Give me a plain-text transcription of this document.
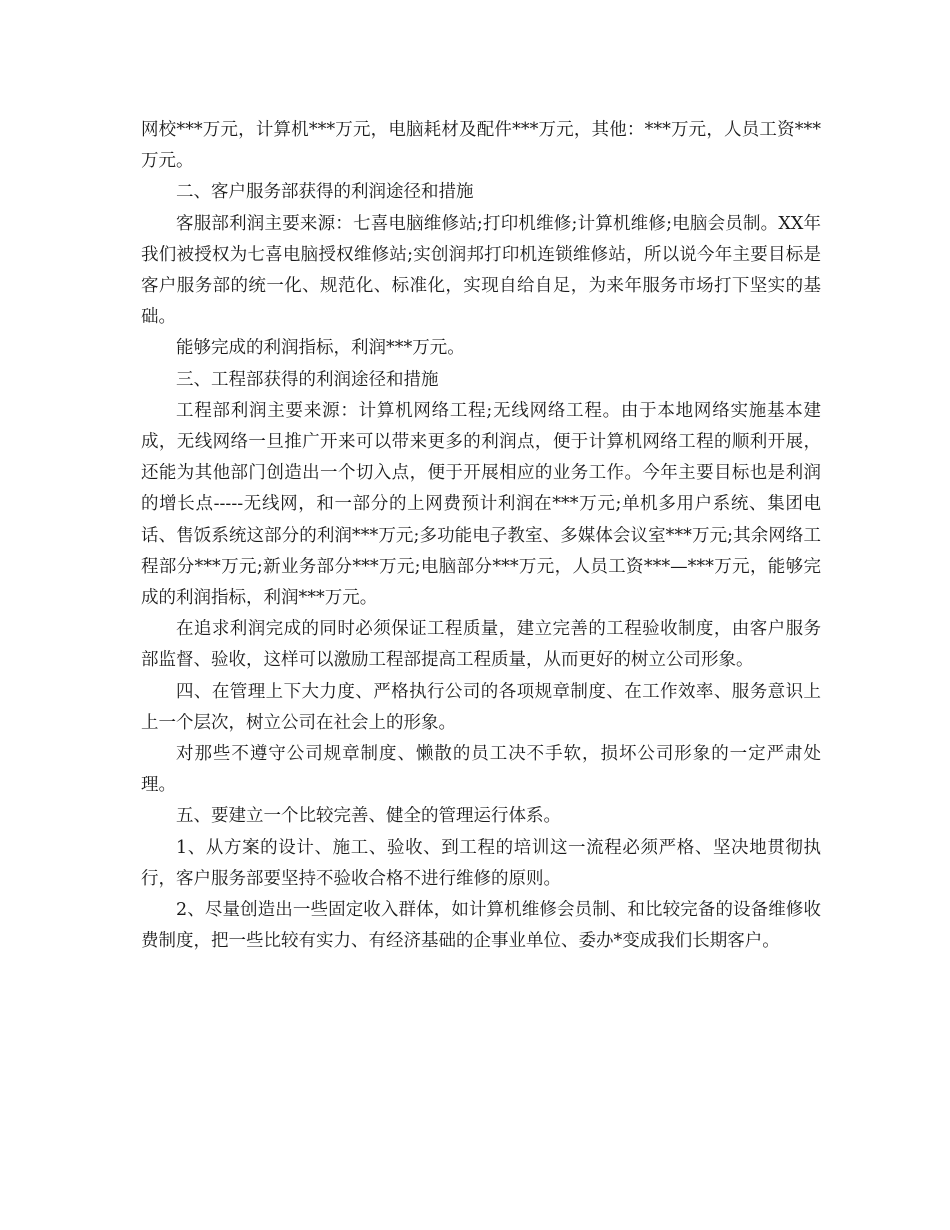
网校***万元，计算机***万元，电脑耗材及配件***万元，其他：***万元，人员工资***万元。

二、客户服务部获得的利润途径和措施

客服部利润主要来源：七喜电脑维修站;打印机维修;计算机维修;电脑会员制。XX年我们被授权为七喜电脑授权维修站;实创润邦打印机连锁维修站，所以说今年主要目标是客户服务部的统一化、规范化、标准化，实现自给自足，为来年服务市场打下坚实的基础。

能够完成的利润指标，利润***万元。

三、工程部获得的利润途径和措施

工程部利润主要来源：计算机网络工程;无线网络工程。由于本地网络实施基本建成，无线网络一旦推广开来可以带来更多的利润点，便于计算机网络工程的顺利开展，还能为其他部门创造出一个切入点，便于开展相应的业务工作。今年主要目标也是利润的增长点-----无线网，和一部分的上网费预计利润在***万元;单机多用户系统、集团电话、售饭系统这部分的利润***万元;多功能电子教室、多媒体会议室***万元;其余网络工程部分***万元;新业务部分***万元;电脑部分***万元，人员工资***—***万元，能够完成的利润指标，利润***万元。

在追求利润完成的同时必须保证工程质量，建立完善的工程验收制度，由客户服务部监督、验收，这样可以激励工程部提高工程质量，从而更好的树立公司形象。

四、在管理上下大力度、严格执行公司的各项规章制度、在工作效率、服务意识上上一个层次，树立公司在社会上的形象。

对那些不遵守公司规章制度、懒散的员工决不手软，损坏公司形象的一定严肃处理。

五、要建立一个比较完善、健全的管理运行体系。

1、从方案的设计、施工、验收、到工程的培训这一流程必须严格、坚决地贯彻执行，客户服务部要坚持不验收合格不进行维修的原则。

2、尽量创造出一些固定收入群体，如计算机维修会员制、和比较完备的设备维修收费制度，把一些比较有实力、有经济基础的企事业单位、委办*变成我们长期客户。
